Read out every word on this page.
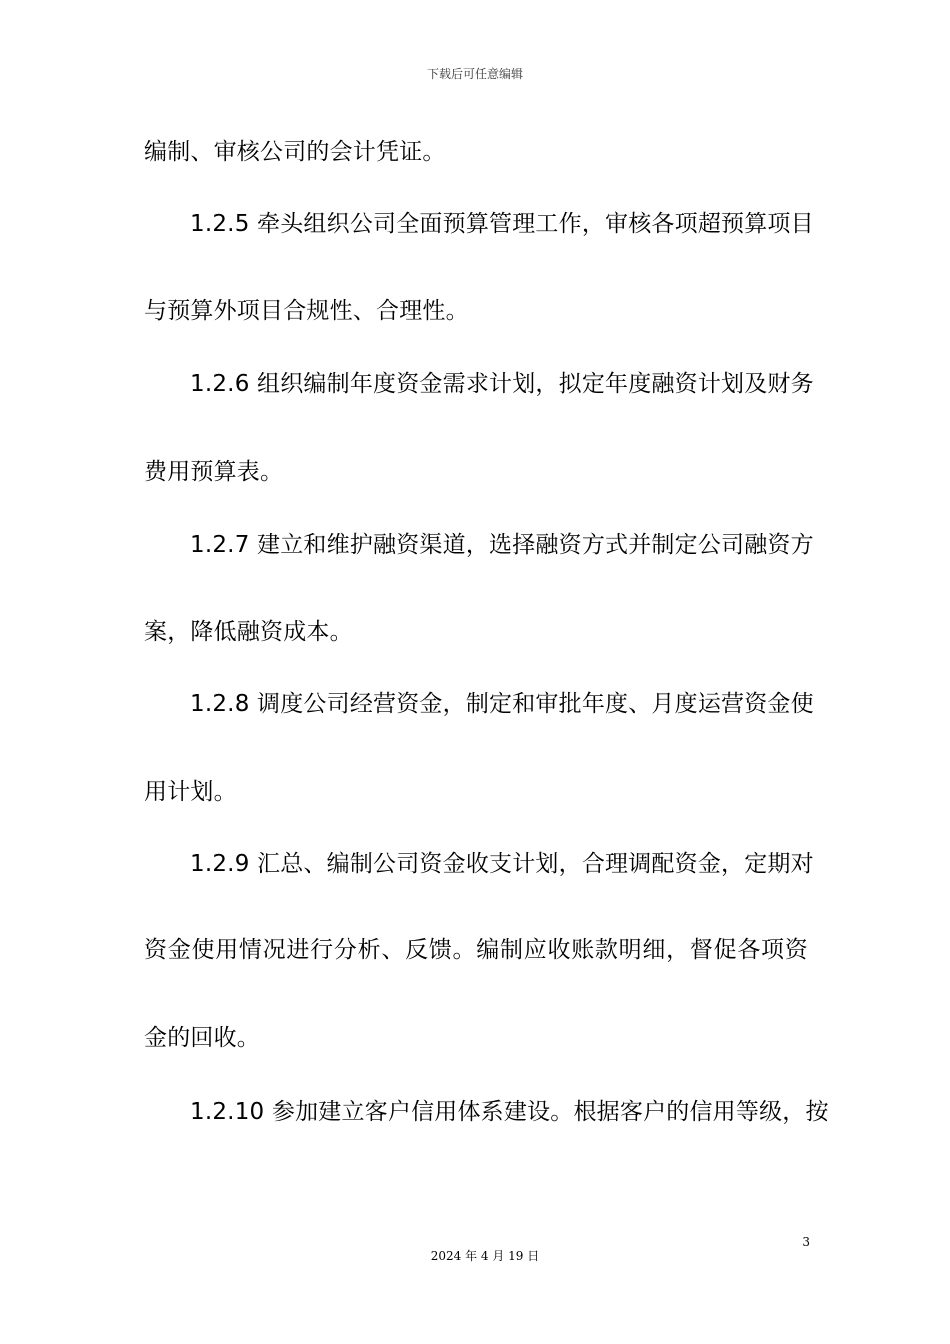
下载后可任意编辑
编制、审核公司的会计凭证。
1.2.5 牵头组织公司全面预算管理工作，审核各项超预算项目
与预算外项目合规性、合理性。
1.2.6 组织编制年度资金需求计划，拟定年度融资计划及财务
费用预算表。
1.2.7 建立和维护融资渠道，选择融资方式并制定公司融资方
案，降低融资成本。
1.2.8 调度公司经营资金，制定和审批年度、月度运营资金使
用计划。
1.2.9 汇总、编制公司资金收支计划，合理调配资金，定期对
资金使用情况进行分析、反馈。编制应收账款明细，督促各项资
金的回收。
1.2.10 参加建立客户信用体系建设。根据客户的信用等级，按
3
2024 年 4 月 19 日
